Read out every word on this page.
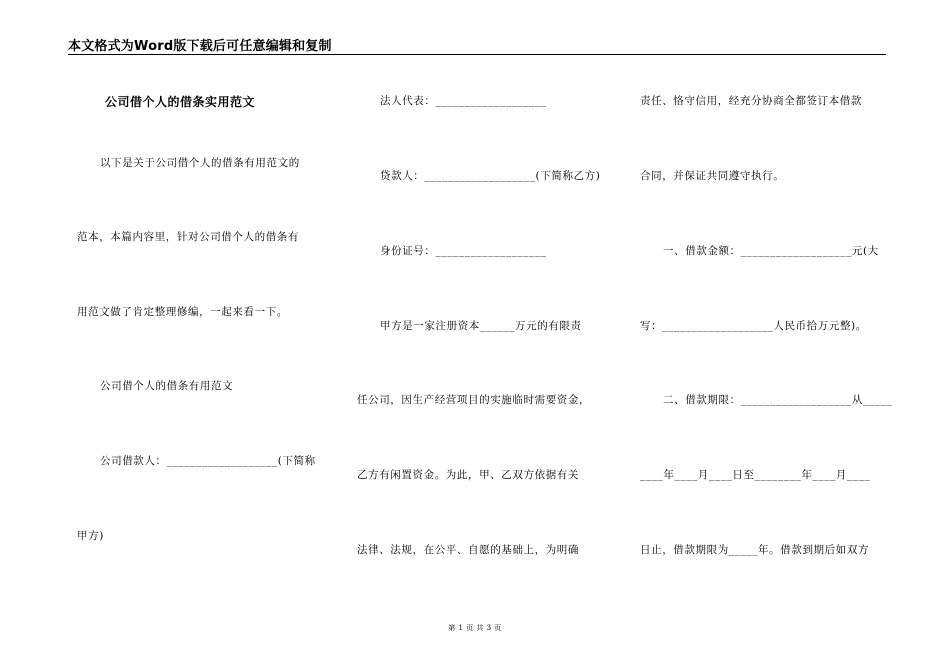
本文格式为Word版下载后可任意编辑和复制
公司借个人的借条实用范文
以下是关于公司借个人的借条有用范文的
范本，本篇内容里，针对公司借个人的借条有
用范文做了肯定整理修编，一起来看一下。
公司借个人的借条有用范文
公司借款人：___________________(下简称
甲方)
法人代表：___________________
贷款人：___________________(下简称乙方)
身份证号：___________________
甲方是一家注册资本______万元的有限责
任公司，因生产经营项目的实施临时需要资金，
乙方有闲置资金。为此，甲、乙双方依据有关
法律、法规，在公平、自愿的基础上，为明确
责任、恪守信用，经充分协商全都签订本借款
合同，并保证共同遵守执行。
一、借款金额：___________________元(大
写：___________________人民币拾万元整)。
二、借款期限：___________________从_____
____年____月____日至________年____月____
日止，借款期限为_____年。借款到期后如双方
第 1 页 共 3 页
